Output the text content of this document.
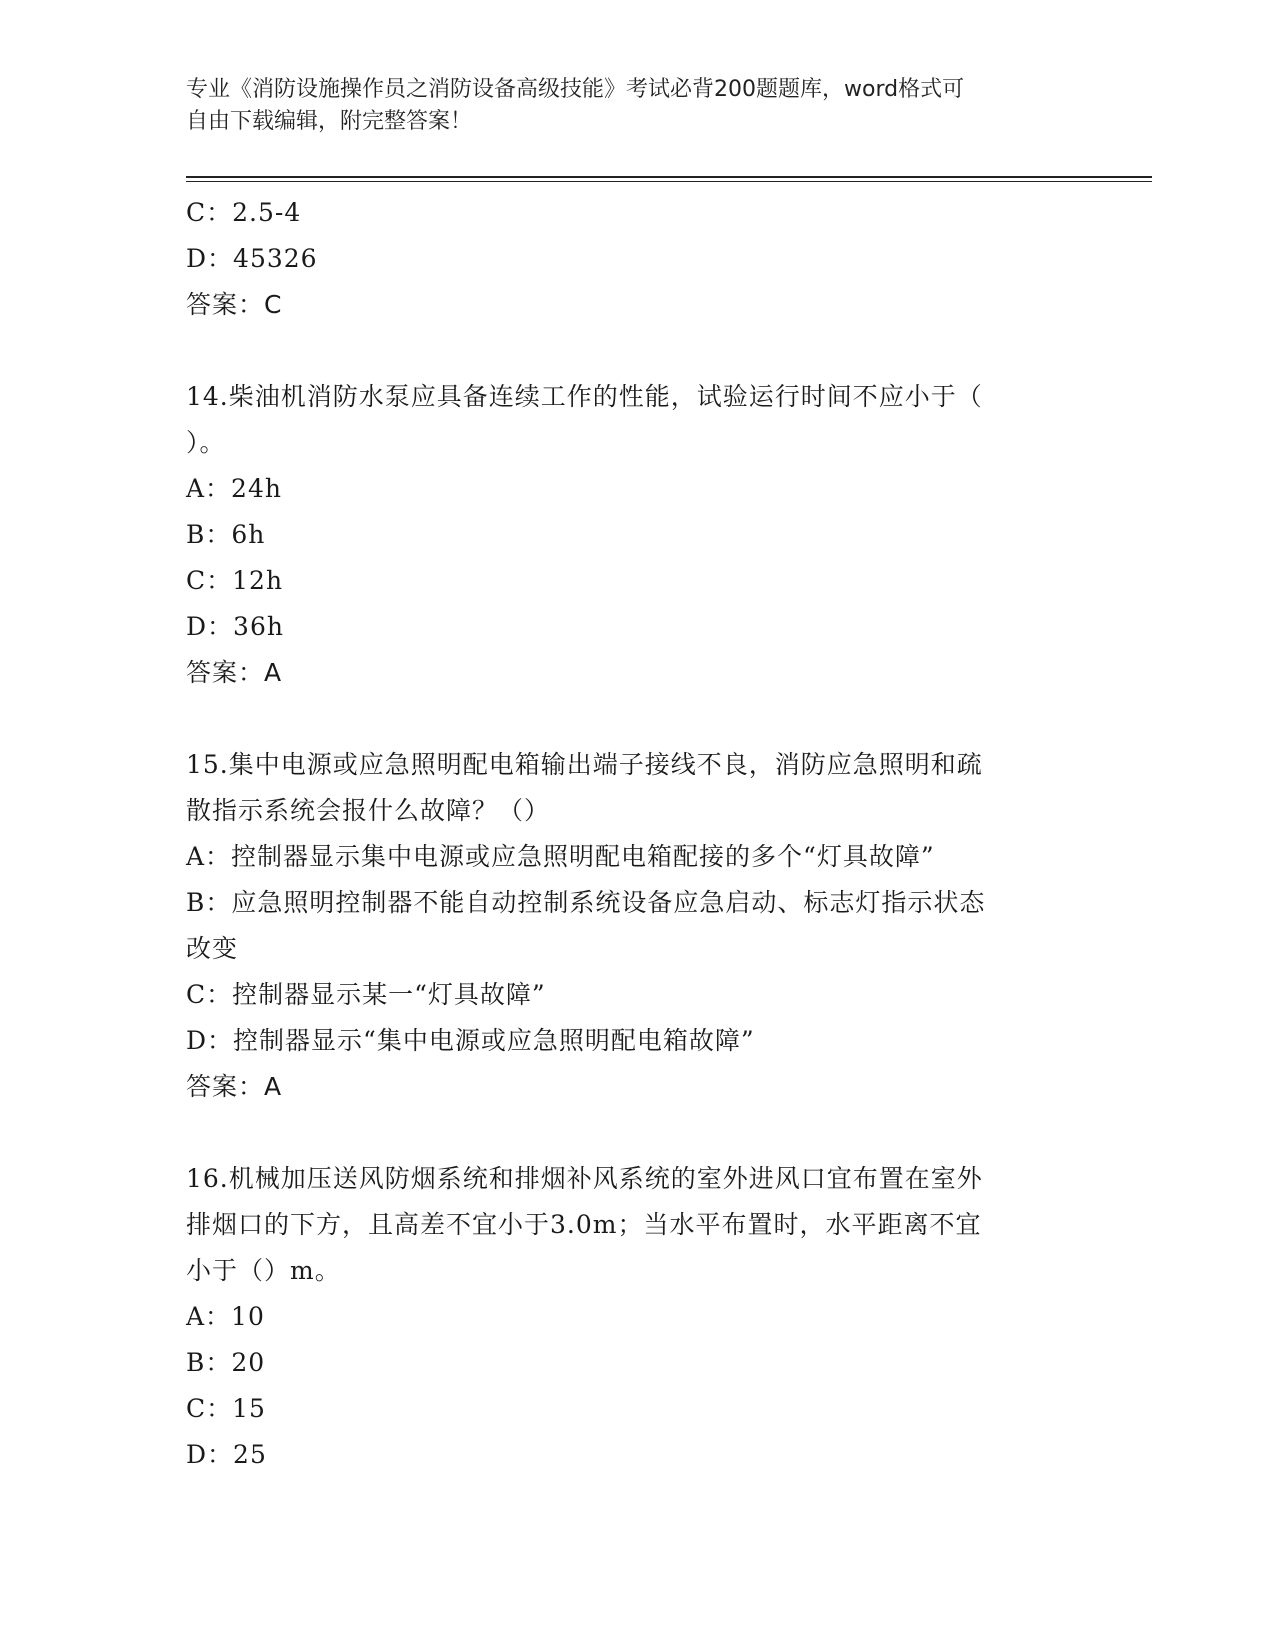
专业《消防设施操作员之消防设备高级技能》考试必背200题题库，word格式可
自由下载编辑，附完整答案！
C：2.5-4
D：45326
答案：C
14.柴油机消防水泵应具备连续工作的性能，试验运行时间不应小于（
）。
A：24h
B：6h
C：12h
D：36h
答案：A
15.集中电源或应急照明配电箱输出端子接线不良，消防应急照明和疏
散指示系统会报什么故障？（）
A：控制器显示集中电源或应急照明配电箱配接的多个“灯具故障”
B：应急照明控制器不能自动控制系统设备应急启动、标志灯指示状态
改变
C：控制器显示某一“灯具故障”
D：控制器显示“集中电源或应急照明配电箱故障”
答案：A
16.机械加压送风防烟系统和排烟补风系统的室外进风口宜布置在室外
排烟口的下方，且高差不宜小于3.0m；当水平布置时，水平距离不宜
小于（）m。
A：10
B：20
C：15
D：25
